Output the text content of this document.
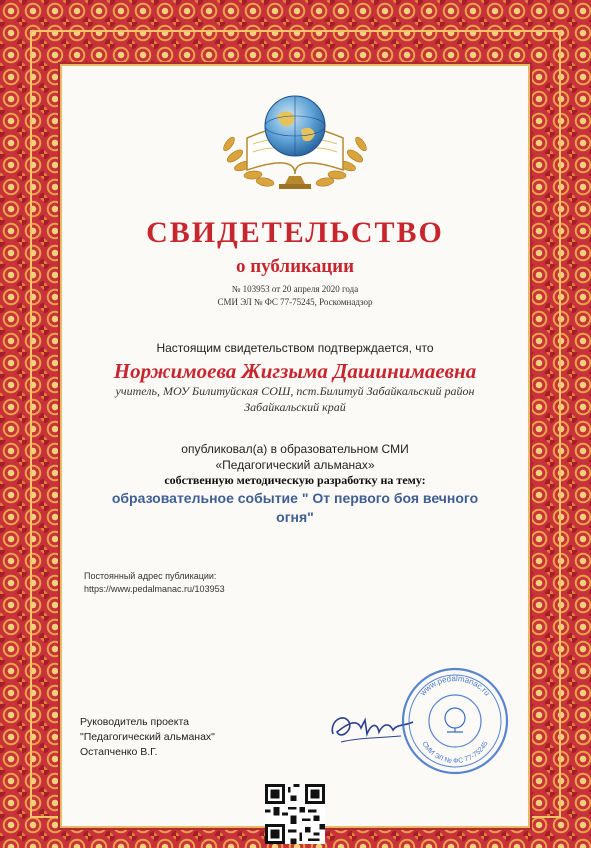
СВИДЕТЕЛЬСТВО
о публикации
№ 103953 от 20 апреля 2020 года
СМИ ЭЛ № ФС 77-75245, Роскомнадзор
Настоящим свидетельством подтверждается, что
Норжимоева Жигзыма Дашинимаевна
учитель, МОУ Билитуйская СОШ, пст.Билитуй Забайкальский район
Забайкальский край
опубликовал(а) в образовательном СМИ
«Педагогический альманах»
собственную методическую разработку на тему:
образовательное событие " От первого боя вечного
огня"
Постоянный адрес публикации:
https://www.pedalmanac.ru/103953
Руководитель проекта
"Педагогический альманах"
Остапченко В.Г.
www.pedalmanac.ru
СМИ ЭЛ № ФС 77-75245
